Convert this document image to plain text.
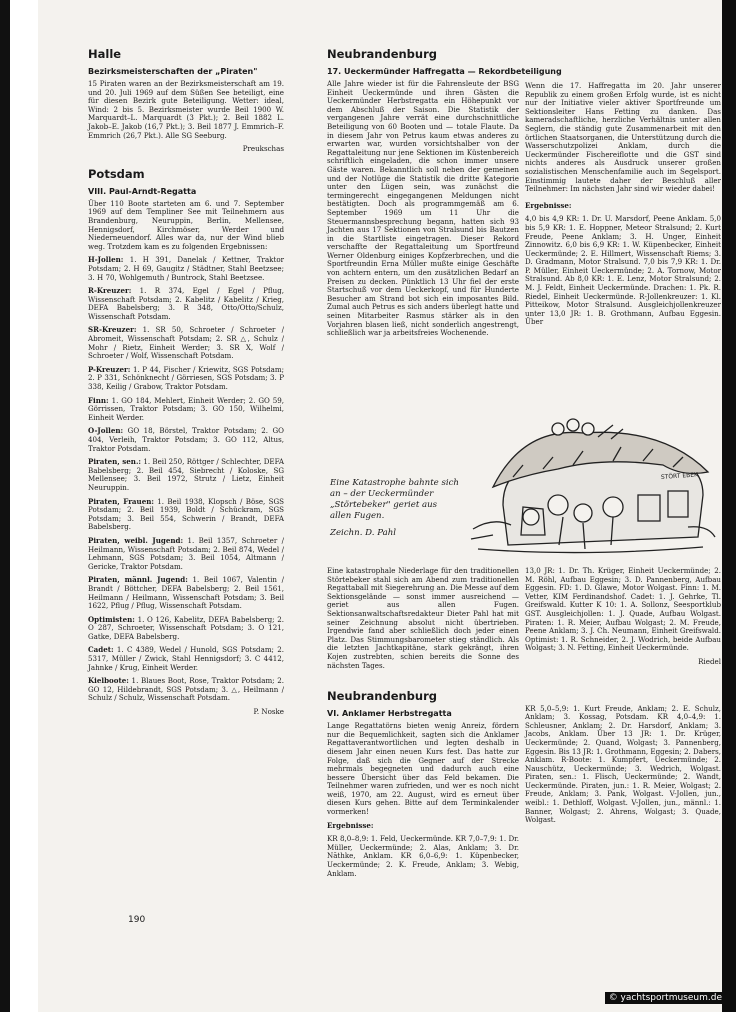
Halle
Bezirksmeisterschaften der „Piraten"

15 Piraten waren an der Bezirksmeisterschaft am 19. und 20. Juli 1969 auf dem Süßen See beteiligt, eine für diesen Bezirk gute Beteiligung. Wetter: ideal, Wind: 2 bis 5. Bezirksmeister wurde Beil 1900 W. Marquardt–L. Marquardt (3 Pkt.); 2. Beil 1882 L. Jakob–E. Jakob (16,7 Pkt.); 3. Beil 1877 J. Emmrich–F. Emmrich (26,7 Pkt.). Alle SG Seeburg.

Preukschas

Potsdam
VIII. Paul-Arndt-Regatta

Über 110 Boote starteten am 6. und 7. September 1969 auf dem Templiner See mit Teilnehmern aus Brandenburg, Neuruppin, Berlin, Mellensee, Hennigsdorf, Kirchmöser, Werder und Niederneuendorf. Alles war da, nur der Wind blieb weg. Trotzdem kam es zu folgenden Ergebnissen:

H-Jollen: 1. H 391, Danelak / Kettner, Traktor Potsdam; 2. H 69, Gaugitz / Städtner, Stahl Beetzsee; 3. H 70, Wohlgemuth / Buntrock, Stahl Beetzsee.

R-Kreuzer: 1. R 374, Egel / Egel / Pflug, Wissenschaft Potsdam; 2. Kabelitz / Kabelitz / Krieg, DEFA Babelsberg; 3. R 348, Otto/Otto/Schulz, Wissenschaft Potsdam.

SR-Kreuzer: 1. SR 50, Schroeter / Schroeter / Abromeit, Wissenschaft Potsdam; 2. SR △, Schulz / Mohr / Rietz, Einheit Werder; 3. SR X, Wolf / Schroeter / Wolf, Wissenschaft Potsdam.

P-Kreuzer: 1. P 44, Fischer / Kriewitz, SGS Potsdam; 2. P 331, Schönknecht / Görriesen, SGS Potsdam; 3. P 338, Keilig / Grabow, Traktor Potsdam.

Finn: 1. GO 184, Mehlert, Einheit Werder; 2. GO 59, Görrissen, Traktor Potsdam; 3. GO 150, Wilhelmi, Einheit Werder.

O-Jollen: GO 18, Börstel, Traktor Potsdam; 2. GO 404, Verleih, Traktor Potsdam; 3. GO 112, Altus, Traktor Potsdam.

Piraten, sen.: 1. Beil 250, Röttger / Schlechter, DEFA Babelsberg; 2. Beil 454, Siebrecht / Koloske, SG Mellensee; 3. Beil 1972, Strutz / Lietz, Einheit Neuruppin.

Piraten, Frauen: 1. Beil 1938, Klopsch / Böse, SGS Potsdam; 2. Beil 1939, Boldt / Schückram, SGS Potsdam; 3. Beil 554, Schwerin / Brandt, DEFA Babelsberg.

Piraten, weibl. Jugend: 1. Beil 1357, Schroeter / Heilmann, Wissenschaft Potsdam; 2. Beil 874, Wedel / Lehmann, SGS Potsdam; 3. Beil 1054, Altmann / Gericke, Traktor Potsdam.

Piraten, männl. Jugend: 1. Beil 1067, Valentin / Brandt / Böttcher, DEFA Babelsberg; 2. Beil 1561, Heilmann / Heilmann, Wissenschaft Potsdam; 3. Beil 1622, Pflug / Pflug, Wissenschaft Potsdam.

Optimisten: 1. O 126, Kabelitz, DEFA Babelsberg; 2. O 287, Schroeter, Wissenschaft Potsdam; 3. O 121, Gatke, DEFA Babelsberg.

Cadet: 1. C 4389, Wedel / Hunold, SGS Potsdam; 2. 5317, Müller / Zwick, Stahl Hennigsdorf; 3. C 4412, Jahnke / Krug, Einheit Werder.

Kielboote: 1. Blaues Boot, Rose, Traktor Potsdam; 2. GO 12, Hildebrandt, SGS Potsdam; 3. △, Heilmann / Schulz / Schulz, Wissenschaft Potsdam.

P. Noske

Neubrandenburg
17. Ueckermünder Haffregatta — Rekordbeteiligung

Alle Jahre wieder ist für die Fahrensleute der BSG Einheit Ueckermünde und ihren Gästen die Ueckermünder Herbstregatta ein Höhepunkt vor dem Abschluß der Saison. Die Statistik der vergangenen Jahre verrät eine durchschnittliche Beteiligung von 60 Booten und — totale Flaute. Da in diesem Jahr von Petrus kaum etwas anderes zu erwarten war, wurden vorsichtshalber von der Regattaleitung nur jene Sektionen im Küstenbereich schriftlich eingeladen, die schon immer unsere Gäste waren. Bekanntlich soll neben der gemeinen und der Notlüge die Statistik die dritte Kategorie unter den Lügen sein, was zunächst die termingerecht eingegangenen Meldungen nicht bestätigten. Doch als programmgemäß am 6. September 1969 um 11 Uhr die Steuermannsbesprechung begann, hatten sich 93 Jachten aus 17 Sektionen von Stralsund bis Bautzen in die Startliste eingetragen. Dieser Rekord verschaffte der Regattaleitung um Sportfreund Werner Oldenburg einiges Kopfzerbrechen, und die Sportfreundin Erna Müller mußte einige Geschäfte von achtern entern, um den zusätzlichen Bedarf an Preisen zu decken. Pünktlich 13 Uhr fiel der erste Startschuß vor dem Ueckerkopf, und für Hunderte Besucher am Strand bot sich ein imposantes Bild. Zumal auch Petrus es sich anders überlegt hatte und seinen Mitarbeiter Rasmus stärker als in den Vorjahren blasen ließ, nicht sonderlich angestrengt, schließlich war ja arbeitsfreies Wochenende.

Wenn die 17. Haffregatta im 20. Jahr unserer Republik zu einem großen Erfolg wurde, ist es nicht nur der Initiative vieler aktiver Sportfreunde um Sektionsleiter Hans Fetting zu danken. Das kameradschaftliche, herzliche Verhältnis unter allen Seglern, die ständig gute Zusammenarbeit mit den örtlichen Staatsorganen, die Unterstützung durch die Wasserschutzpolizei Anklam, durch die Ueckermünder Fischereiflotte und die GST sind nichts anderes als Ausdruck unserer großen sozialistischen Menschenfamilie auch im Segelsport. Einstimmig lautete daher der Beschluß aller Teilnehmer: Im nächsten Jahr sind wir wieder dabei!

Ergebnisse:

4,0 bis 4,9 KR: 1. Dr. U. Marsdorf, Peene Anklam. 5,0 bis 5,9 KR: 1. E. Hoppner, Meteor Stralsund; 2. Kurt Freude, Peene Anklam; 3. H. Unger, Einheit Zinnowitz. 6,0 bis 6,9 KR: 1. W. Küpenbecker, Einheit Ueckermünde; 2. E. Hillmert, Wissenschaft Riems; 3. D. Gradmann, Motor Stralsund. 7,0 bis 7,9 KR: 1. Dr. P. Müller, Einheit Ueckermünde; 2. A. Tornow, Motor Stralsund. Ab 8,0 KR: 1. E. Lenz, Motor Stralsund; 2. M. J. Feldt, Einheit Ueckermünde. Drachen: 1. Pk. R. Riedel, Einheit Ueckermünde. R-Jollenkreuzer: 1. Kl. Pitteikow, Motor Stralsund. Ausgleichjollenkreuzer unter 13,0 JR: 1. B. Grothmann, Aufbau Eggesin. Über

Eine Katastrophe bahnte sich an – der Ueckermünder „Störtebeker" geriet aus allen Fugen.
Zeichn. D. Pahl
STÖRT EBEK

Eine katastrophale Niederlage für den traditionellen Störtebeker stahl sich am Abend zum traditionellen Regattaball mit Siegerehrung an. Die Messe auf dem Sektionsgelände — sonst immer ausreichend — geriet aus allen Fugen. Sektionsanwaltschaftsredakteur Dieter Pahl hat mit seiner Zeichnung absolut nicht übertrieben. Irgendwie fand aber schließlich doch jeder einen Platz. Das Stimmungsbarometer stieg ständlich. Als die letzten Jachtkapitäne, stark gekrängt, ihren Kojen zustrebten, schien bereits die Sonne des nächsten Tages.

Neubrandenburg
VI. Anklamer Herbstregatta

Lange Regattatörns bieten wenig Anreiz, fördern nur die Bequemlichkeit, sagten sich die Anklamer Regattaverantwortlichen und legten deshalb in diesem Jahr einen neuen Kurs fest. Das hatte zur Folge, daß sich die Gegner auf der Strecke mehrmals begegneten und dadurch auch eine bessere Übersicht über das Feld bekamen. Die Teilnehmer waren zufrieden, und wer es noch nicht weiß, 1970, am 22. August, wird es erneut über diesen Kurs gehen. Bitte auf dem Terminkalender vormerken!

Ergebnisse:

KR 8,0–8,9: 1. Feld, Ueckermünde. KR 7,0–7,9: 1. Dr. Müller, Ueckermünde; 2. Alas, Anklam; 3. Dr. Nāthke, Anklam. KR 6,0–6,9: 1. Küpenbecker, Ueckermünde; 2. K. Freude, Anklam; 3. Webig, Anklam.

13,0 JR: 1. Dr. Th. Krüger, Einheit Ueckermünde; 2. M. Röhl, Aufbau Eggesin; 3. D. Pannenberg, Aufbau Eggesin. FD: 1. D. Glawe, Motor Wolgast. Finn: 1. M. Vetter, KIM Ferdinandshof. Cadet: 1. J. Gehrke, Tl. Greifswald. Kutter K 10: 1. A. Sollonz, Seesportklub GST. Ausgleichjollen: 1. J. Quade, Aufbau Wolgast. Piraten: 1. R. Meier, Aufbau Wolgast; 2. M. Freude, Peene Anklam; 3. J. Ch. Neumann, Einheit Greifswald. Optimist: 1. R. Schneider, 2. J. Wodrich, beide Aufbau Wolgast; 3. N. Fetting, Einheit Ueckermünde.

Riedel

KR 5,0–5,9: 1. Kurt Freude, Anklam; 2. E. Schulz, Anklam; 3. Kossag, Potsdam. KR 4,0–4,9: 1. Schleusner, Anklam; 2. Dr. Harsdorf, Anklam; 3. Jacobs, Anklam. Über 13 JR: 1. Dr. Krüger, Ueckermünde; 2. Quand, Wolgast; 3. Pannenberg, Eggesin. Bis 13 JR: 1. Grothmann, Eggesin; 2. Dabers, Anklam. R-Boote: 1. Kumpfert, Ueckermünde; 2. Nauschütz, Ueckermünde; 3. Wedrich, Wolgast. Piraten, sen.: 1. Flisch, Ueckermünde; 2. Wandt, Ueckermünde. Piraten, jun.: 1. R. Meier, Wolgast; 2. Freude, Anklam; 3. Pank, Wolgast. V-Jollen, jun., weibl.: 1. Dethloff, Wolgast. V-Jollen, jun., männl.: 1. Banner, Wolgast; 2. Ahrens, Wolgast; 3. Quade, Wolgast.

190
© yachtsportmuseum.de
